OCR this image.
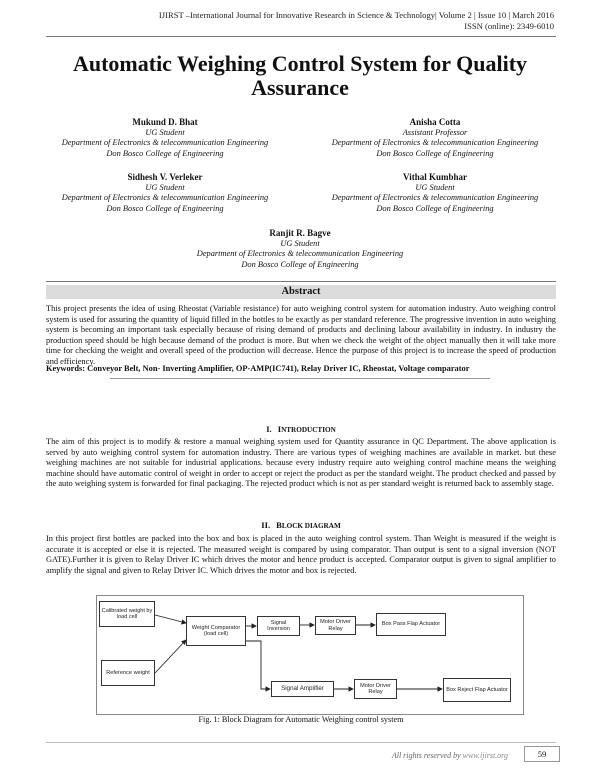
IJIRST –International Journal for Innovative Research in Science & Technology| Volume 2 | Issue 10 | March 2016
ISSN (online): 2349-6010
Automatic Weighing Control System for Quality Assurance
Mukund D. Bhat
UG Student
Department of Electronics & telecommunication Engineering
Don Bosco College of Engineering
Anisha Cotta
Assistant Professor
Department of Electronics & telecommunication Engineering
Don Bosco College of Engineering
Sidhesh V. Verleker
UG Student
Department of Electronics & telecommunication Engineering
Don Bosco College of Engineering
Vithal Kumbhar
UG Student
Department of Electronics & telecommunication Engineering
Don Bosco College of Engineering
Ranjit R. Bagve
UG Student
Department of Electronics & telecommunication Engineering
Don Bosco College of Engineering
Abstract
This project presents the idea of using Rheostat (Variable resistance) for auto weighing control system for automation industry. Auto weighing control system is used for assuring the quantity of liquid filled in the bottles to be exactly as per standard reference. The progressive invention in auto weighing system is becoming an important task especially because of rising demand of products and declining labour availability in industry. In industry the production speed should be high because demand of the product is more. But when we check the weight of the object manually then it will take more time for checking the weight and overall speed of the production will decrease. Hence the purpose of this project is to increase the speed of production and efficiency.
Keywords: Conveyor Belt, Non- Inverting Amplifier, OP-AMP(IC741), Relay Driver IC, Rheostat, Voltage comparator
I. INTRODUCTION
The aim of this project is to modify & restore a manual weighing system used for Quantity assurance in QC Department. The above application is served by auto weighing control system for automation industry. There are various types of weighing machines are available in market. but these weighing machines are not suitable for industrial applications. because every industry require auto weighing control machine means the weighing machine should have automatic control of weight in order to accept or reject the product as per the standard weight. The product checked and passed by the auto weighing system is forwarded for final packaging. The rejected product which is not as per standard weight is returned back to assembly stage.
II. BLOCK DIAGRAM
In this project first bottles are packed into the box and box is placed in the auto weighing control system. Than Weight is measured if the weight is accurate it is accepted or else it is rejected. The measured weight is compared by using comparator. Than output is sent to a signal inversion (NOT GATE).Further it is given to Relay Driver IC which drives the motor and hence product is accepted. Comparator output is given to signal amplifier to amplify the signal and given to Relay Driver IC. Which drives the motor and box is rejected.
Calibrated weight by load cell
Reference weight
Weight Comparator (load cell)
Signal Inversion
Motor Driver Relay
Box Pass Flap Actuator
Signal Amplifier	Motor Driver Relay	Box Reject Flap Actuator
Fig. 1: Block Diagram for Automatic Weighing control system
All rights reserved by www.ijirst.org	59
